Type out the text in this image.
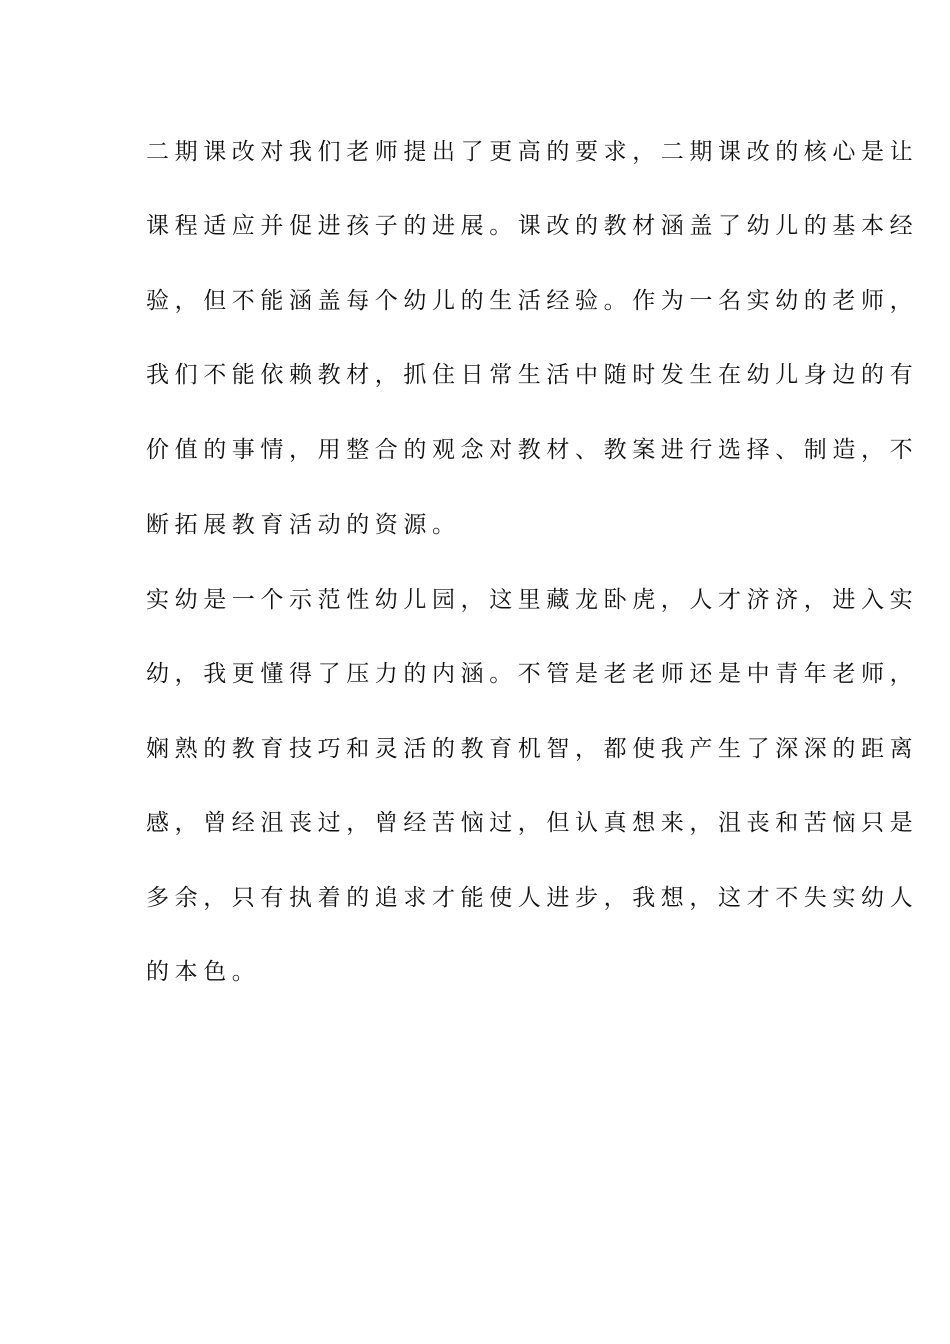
二期课改对我们老师提出了更高的要求，二期课改的核心是让
课程适应并促进孩子的进展。课改的教材涵盖了幼儿的基本经
验，但不能涵盖每个幼儿的生活经验。作为一名实幼的老师，
我们不能依赖教材，抓住日常生活中随时发生在幼儿身边的有
价值的事情，用整合的观念对教材、教案进行选择、制造，不
断拓展教育活动的资源。
实幼是一个示范性幼儿园，这里藏龙卧虎，人才济济，进入实
幼，我更懂得了压力的内涵。不管是老老师还是中青年老师，
娴熟的教育技巧和灵活的教育机智，都使我产生了深深的距离
感，曾经沮丧过，曾经苦恼过，但认真想来，沮丧和苦恼只是
多余，只有执着的追求才能使人进步，我想，这才不失实幼人
的本色。
